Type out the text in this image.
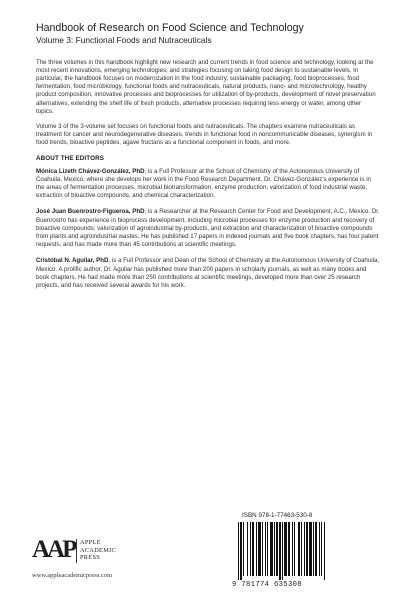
Handbook of Research on Food Science and Technology
Volume 3: Functional Foods and Nutraceuticals

The three volumes in this handbook highlight new research and current trends in food science and technology, looking at the most recent innovations, emerging technologies, and strategies focusing on taking food design to sustainable levels. In particular, the handbook focuses on modernization in the food industry, sustainable packaging, food bioprocesses, food fermentation, food microbiology, functional foods and nutraceuticals, natural products, nano- and microtechnology, healthy product composition, innovative processes and bioprocesses for utilization of by-products, development of novel preservation alternatives, extending the shelf life of fresh products, alternative processes requiring less energy or water, among other topics.

Volume 3 of the 3-volume set focuses on functional foods and nutraceuticals. The chapters examine nutraceuticals as treatment for cancer and neurodegenerative diseases, trends in functional food in noncommunicable diseases, synergism in food trends, bioactive peptides, agave fructans as a functional component in foods, and more.

ABOUT THE EDITORS

Mónica Lizeth Chávez-González, PhD, is a Full Professor at the School of Chemistry of the Autonomous University of Coahuila, Mexico, where she develops her work in the Food Research Department. Dr. Chávez-González's experience is in the areas of fermentation processes, microbial biotransformation, enzyme production, valorization of food industrial waste, extraction of bioactive compounds, and chemical characterization.

José Juan Buenrostro-Figueroa, PhD, is a Researcher at the Research Center for Food and Development, A.C., Mexico. Dr. Buenrostro has experience in bioprocess development, including microbial processes for enzyme production and recovery of bioactive compounds; valorization of agroindustrial by-products, and extraction and characterization of bioactive compounds from plants and agroindustrial wastes. He has published 17 papers in indexed journals and five book chapters, has four patent requests, and has made more than 45 contributions at scientific meetings.

Cristóbal N. Aguilar, PhD, is a Full Professor and Dean of the School of Chemistry at the Autonomous University of Coahuila, Mexico. A prolific author, Dr. Aguilar has published more than 200 papers in scholarly journals, as well as many books and book chapters. He had made more than 250 contributions at scientific meetings, developed more than over 25 research projects, and has received several awards for his work.

AAP APPLE
ACADEMIC
PRESS
www.appleacademicpress.com
ISBN 978-1-77463-530-8
9 781774 635308
